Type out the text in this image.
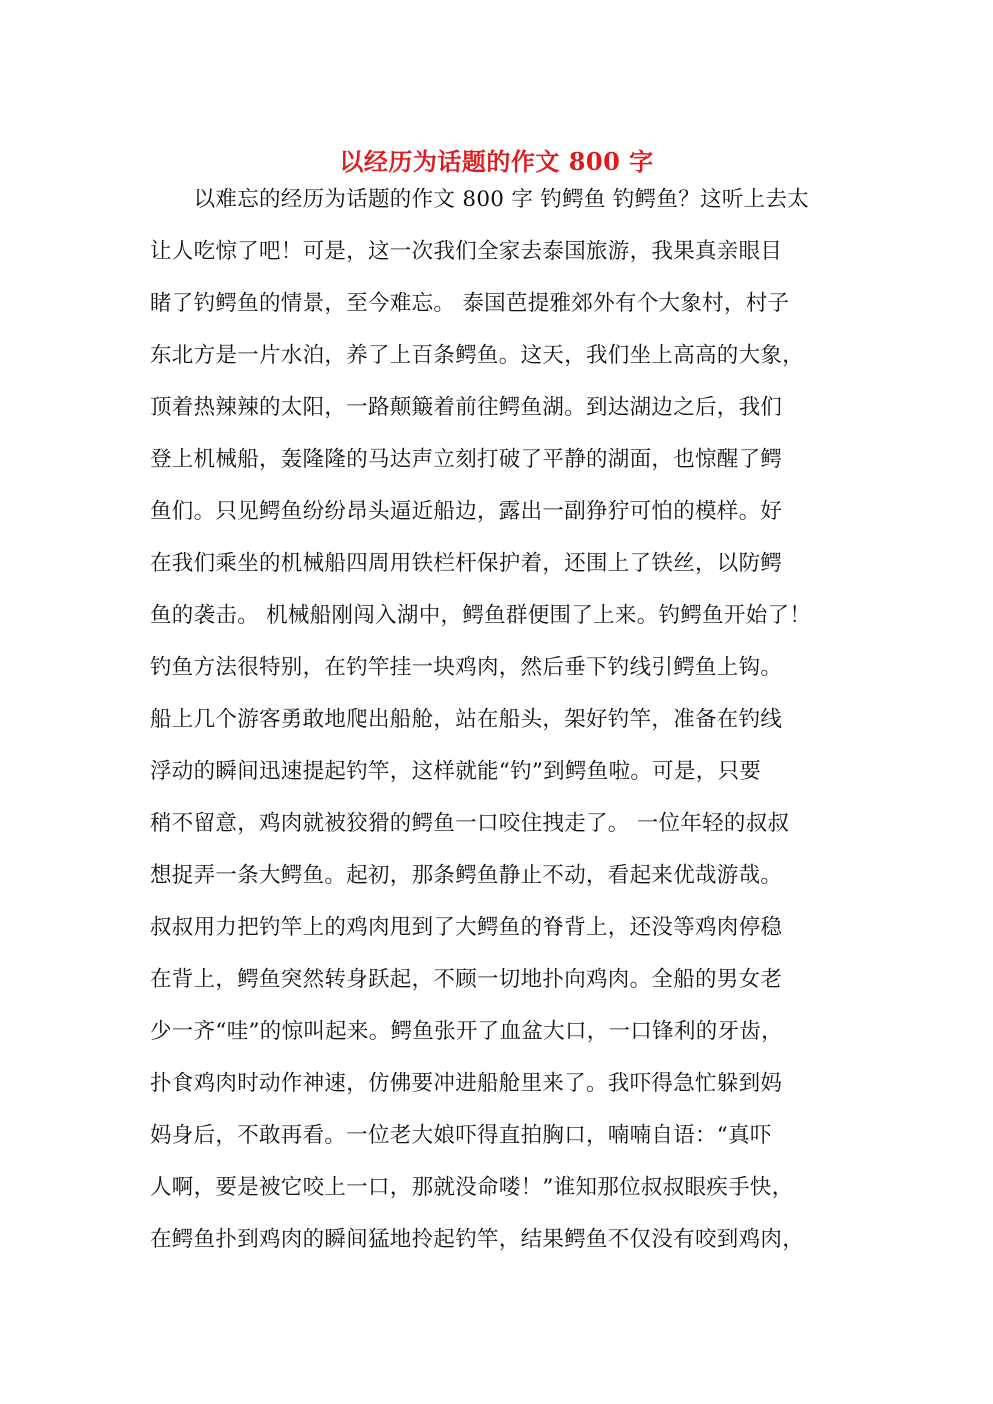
以经历为话题的作文 800 字
　　以难忘的经历为话题的作文 800 字 钓鳄鱼 钓鳄鱼？这听上去太
让人吃惊了吧！可是，这一次我们全家去泰国旅游，我果真亲眼目
睹了钓鳄鱼的情景，至今难忘。 泰国芭提雅郊外有个大象村，村子
东北方是一片水泊，养了上百条鳄鱼。这天，我们坐上高高的大象，
顶着热辣辣的太阳，一路颠簸着前往鳄鱼湖。到达湖边之后，我们
登上机械船，轰隆隆的马达声立刻打破了平静的湖面，也惊醒了鳄
鱼们。只见鳄鱼纷纷昂头逼近船边，露出一副狰狞可怕的模样。好
在我们乘坐的机械船四周用铁栏杆保护着，还围上了铁丝，以防鳄
鱼的袭击。 机械船刚闯入湖中，鳄鱼群便围了上来。钓鳄鱼开始了！
钓鱼方法很特别，在钓竿挂一块鸡肉，然后垂下钓线引鳄鱼上钩。
船上几个游客勇敢地爬出船舱，站在船头，架好钓竿，准备在钓线
浮动的瞬间迅速提起钓竿，这样就能“钓”到鳄鱼啦。可是，只要
稍不留意，鸡肉就被狡猾的鳄鱼一口咬住拽走了。 一位年轻的叔叔
想捉弄一条大鳄鱼。起初，那条鳄鱼静止不动，看起来优哉游哉。
叔叔用力把钓竿上的鸡肉甩到了大鳄鱼的脊背上，还没等鸡肉停稳
在背上，鳄鱼突然转身跃起，不顾一切地扑向鸡肉。全船的男女老
少一齐“哇”的惊叫起来。鳄鱼张开了血盆大口，一口锋利的牙齿，
扑食鸡肉时动作神速，仿佛要冲进船舱里来了。我吓得急忙躲到妈
妈身后，不敢再看。一位老大娘吓得直拍胸口，喃喃自语：“真吓
人啊，要是被它咬上一口，那就没命喽！”谁知那位叔叔眼疾手快，
在鳄鱼扑到鸡肉的瞬间猛地拎起钓竿，结果鳄鱼不仅没有咬到鸡肉，
